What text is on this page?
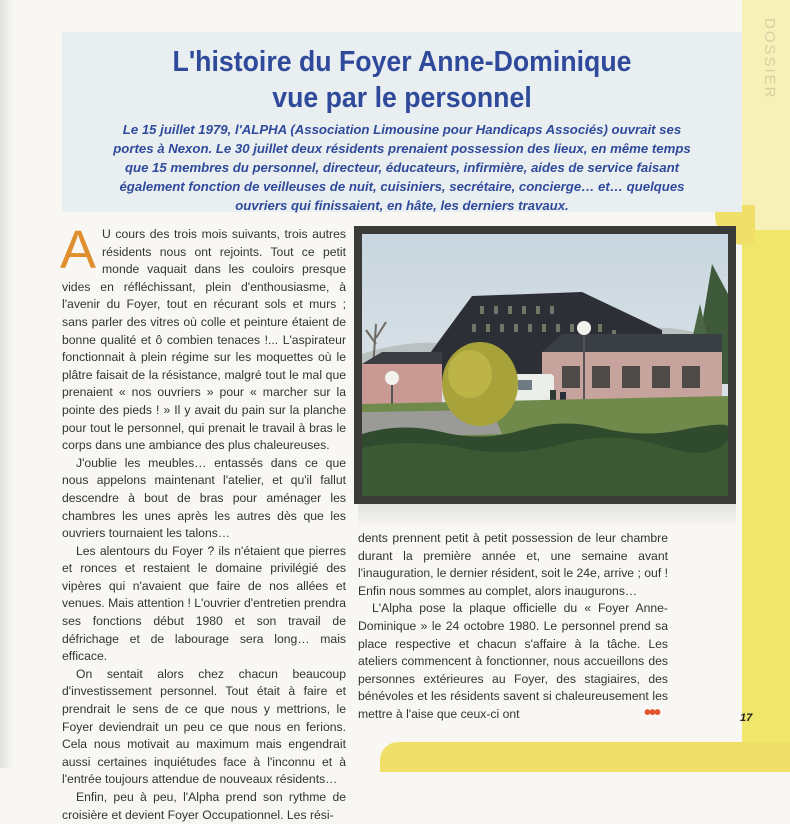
DOSSIER
L'histoire du Foyer Anne-Dominique
vue par le personnel

Le 15 juillet 1979, l'ALPHA (Association Limousine pour Handicaps Associés) ouvrait ses
portes à Nexon. Le 30 juillet deux résidents prenaient possession des lieux, en même temps
que 15 membres du personnel, directeur, éducateurs, infirmière, aides de service faisant
également fonction de veilleuses de nuit, cuisiniers, secrétaire, concierge… et… quelques
ouvriers qui finissaient, en hâte, les derniers travaux.

A U cours des trois mois suivants, trois autres résidents nous ont rejoints. Tout ce petit monde vaquait dans les couloirs presque vides en réfléchissant, plein d'enthousiasme, à l'avenir du Foyer, tout en récurant sols et murs ; sans parler des vitres où colle et peinture étaient de bonne qualité et ô combien tenaces !... L'aspirateur fonctionnait à plein régime sur les moquettes où le plâtre faisait de la résistance, malgré tout le mal que prenaient « nos ouvriers » pour « marcher sur la pointe des pieds ! » Il y avait du pain sur la planche pour tout le personnel, qui prenait le travail à bras le corps dans une ambiance des plus chaleureuses.

J'oublie les meubles… entassés dans ce que nous appelons maintenant l'atelier, et qu'il fallut descendre à bout de bras pour aménager les chambres les unes après les autres dès que les ouvriers tournaient les talons…

Les alentours du Foyer ? ils n'étaient que pierres et ronces et restaient le domaine privilégié des vipères qui n'avaient que faire de nos allées et venues. Mais attention ! L'ouvrier d'entretien prendra ses fonctions début 1980 et son travail de défrichage et de labourage sera long… mais efficace.

On sentait alors chez chacun beaucoup d'investissement personnel. Tout était à faire et prendrait le sens de ce que nous y mettrions, le Foyer deviendrait un peu ce que nous en ferions. Cela nous motivait au maximum mais engendrait aussi certaines inquiétudes face à l'inconnu et à l'entrée toujours attendue de nouveaux résidents…

Enfin, peu à peu, l'Alpha prend son rythme de croisière et devient Foyer Occupationnel. Les rési-

dents prennent petit à petit possession de leur chambre durant la première année et, une semaine avant l'inauguration, le dernier résident, soit le 24e, arrive ; ouf ! Enfin nous sommes au complet, alors inaugurons…

L'Alpha pose la plaque officielle du « Foyer Anne-Dominique » le 24 octobre 1980. Le personnel prend sa place respective et chacun s'affaire à la tâche. Les ateliers commencent à fonctionner, nous accueillons des personnes extérieures au Foyer, des stagiaires, des bénévoles et les résidents savent si chaleureusement les mettre à l'aise que ceux-ci ont	•••	17
